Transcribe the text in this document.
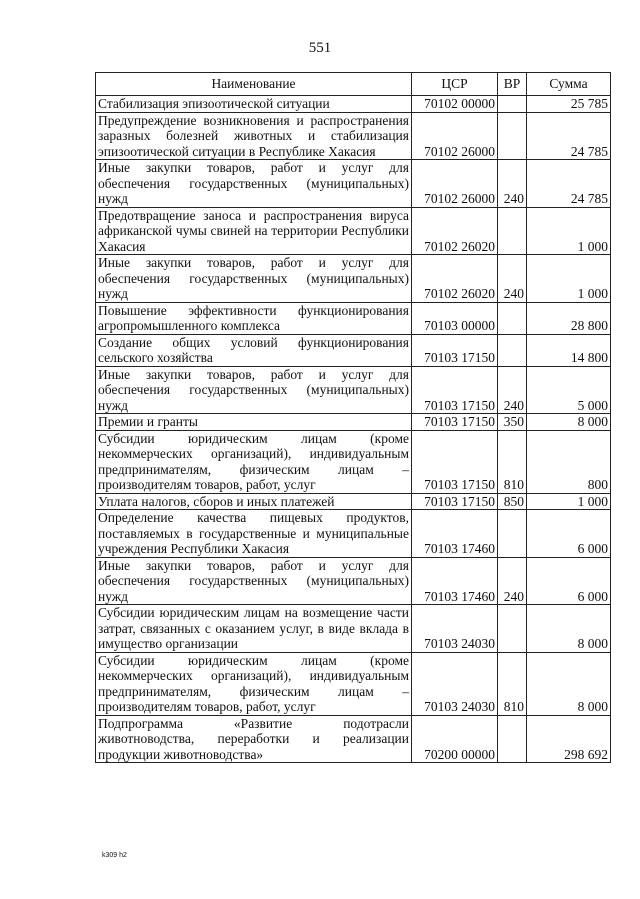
551
Наименование	ЦСР	ВР	Сумма
Стабилизация эпизоотической ситуации	70102 00000		25 785
Предупреждение возникновения и распространения заразных болезней животных и стабилизация эпизоотической ситуации в Республике Хакасия	70102 26000		24 785
Иные закупки товаров, работ и услуг для обеспечения государственных (муниципальных) нужд	70102 26000	240	24 785
Предотвращение заноса и распространения вируса африканской чумы свиней на территории Республики Хакасия	70102 26020		1 000
Иные закупки товаров, работ и услуг для обеспечения государственных (муниципальных) нужд	70102 26020	240	1 000
Повышение эффективности функционирования агропромышленного комплекса	70103 00000		28 800
Создание общих условий функционирования сельского хозяйства	70103 17150		14 800
Иные закупки товаров, работ и услуг для обеспечения государственных (муниципальных) нужд	70103 17150	240	5 000
Премии и гранты	70103 17150	350	8 000
Субсидии юридическим лицам (кроме некоммерческих организаций), индивидуальным предпринимателям, физическим лицам – производителям товаров, работ, услуг	70103 17150	810	800
Уплата налогов, сборов и иных платежей	70103 17150	850	1 000
Определение качества пищевых продуктов, поставляемых в государственные и муниципальные учреждения Республики Хакасия	70103 17460		6 000
Иные закупки товаров, работ и услуг для обеспечения государственных (муниципальных) нужд	70103 17460	240	6 000
Субсидии юридическим лицам на возмещение части затрат, связанных с оказанием услуг, в виде вклада в имущество организации	70103 24030		8 000
Субсидии юридическим лицам (кроме некоммерческих организаций), индивидуальным предпринимателям, физическим лицам – производителям товаров, работ, услуг	70103 24030	810	8 000
Подпрограмма «Развитие подотрасли животноводства, переработки и реализации продукции животноводства»	70200 00000		298 692
k309 h2
